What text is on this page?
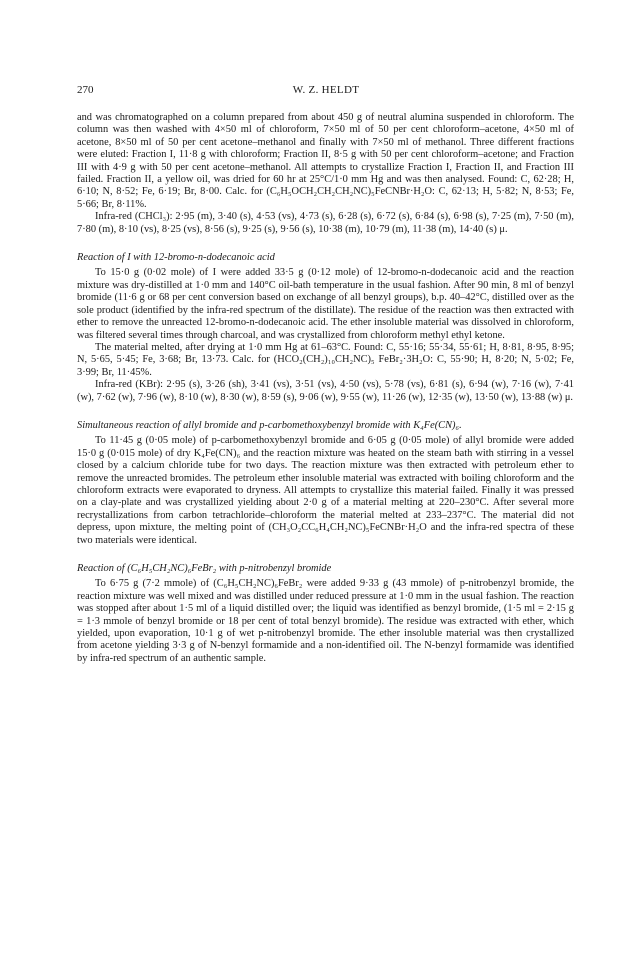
270	W. Z. HELDT

and was chromatographed on a column prepared from about 450 g of neutral alumina suspended in chloroform. The column was then washed with 4×50 ml of chloroform, 7×50 ml of 50 per cent chloroform–acetone, 4×50 ml of acetone, 8×50 ml of 50 per cent acetone–methanol and finally with 7×50 ml of methanol. Three different fractions were eluted: Fraction I, 11·8 g with chloroform; Fraction II, 8·5 g with 50 per cent chloroform–acetone; and Fraction III with 4·9 g with 50 per cent acetone–methanol. All attempts to crystallize Fraction I, Fraction II, and Fraction III failed. Fraction II, a yellow oil, was dried for 60 hr at 25°C/1·0 mm Hg and was then analysed. Found: C, 62·28; H, 6·10; N, 8·52; Fe, 6·19; Br, 8·00. Calc. for (C₆H₅OCH₂CH₂CH₂NC)₅FeCNBr·H₂O: C, 62·13; H, 5·82; N, 8·53; Fe, 5·66; Br, 8·11%.

Infra-red (CHCl₃): 2·95 (m), 3·40 (s), 4·53 (vs), 4·73 (s), 6·28 (s), 6·72 (s), 6·84 (s), 6·98 (s), 7·25 (m), 7·50 (m), 7·80 (m), 8·10 (vs), 8·25 (vs), 8·56 (s), 9·25 (s), 9·56 (s), 10·38 (m), 10·79 (m), 11·38 (m), 14·40 (s) μ.

Reaction of I with 12-bromo-n-dodecanoic acid

To 15·0 g (0·02 mole) of I were added 33·5 g (0·12 mole) of 12-bromo-n-dodecanoic acid and the reaction mixture was dry-distilled at 1·0 mm and 140°C oil-bath temperature in the usual fashion. After 90 min, 8 ml of benzyl bromide (11·6 g or 68 per cent conversion based on exchange of all benzyl groups), b.p. 40–42°C, distilled over as the sole product (identified by the infra-red spectrum of the distillate). The residue of the reaction was then extracted with ether to remove the unreacted 12-bromo-n-dodecanoic acid. The ether insoluble material was dissolved in chloroform, was filtered several times through charcoal, and was crystallized from chloroform methyl ethyl ketone.

The material melted, after drying at 1·0 mm Hg at 61–63°C. Found: C, 55·16; 55·34, 55·61; H, 8·81, 8·95, 8·95; N, 5·65, 5·45; Fe, 3·68; Br, 13·73. Calc. for (HCO₂(CH₂)₁₀CH₂NC)₅ FeBr₂·3H₂O: C, 55·90; H, 8·20; N, 5·02; Fe, 3·99; Br, 11·45%.

Infra-red (KBr): 2·95 (s), 3·26 (sh), 3·41 (vs), 3·51 (vs), 4·50 (vs), 5·78 (vs), 6·81 (s), 6·94 (w), 7·16 (w), 7·41 (w), 7·62 (w), 7·96 (w), 8·10 (w), 8·30 (w), 8·59 (s), 9·06 (w), 9·55 (w), 11·26 (w), 12·35 (w), 13·50 (w), 13·88 (w) μ.

Simultaneous reaction of allyl bromide and p-carbomethoxybenzyl bromide with K₄Fe(CN)₆.

To 11·45 g (0·05 mole) of p-carbomethoxybenzyl bromide and 6·05 g (0·05 mole) of allyl bromide were added 15·0 g (0·015 mole) of dry K₄Fe(CN)₆ and the reaction mixture was heated on the steam bath with stirring in a vessel closed by a calcium chloride tube for two days. The reaction mixture was then extracted with petroleum ether to remove the unreacted bromides. The petroleum ether insoluble material was extracted with boiling chloroform and the chloroform extracts were evaporated to dryness. All attempts to crystallize this material failed. Finally it was pressed on a clay-plate and was crystallized yielding about 2·0 g of a material melting at 220–230°C. After several more recrystallizations from carbon tetrachloride–chloroform the material melted at 233–237°C. The material did not depress, upon mixture, the melting point of (CH₃O₂CC₆H₄CH₂NC)₅FeCNBr·H₂O and the infra-red spectra of these two materials were identical.

Reaction of (C₆H₅CH₂NC)₆FeBr₂ with p-nitrobenzyl bromide

To 6·75 g (7·2 mmole) of (C₆H₅CH₂NC)₆FeBr₂ were added 9·33 g (43 mmole) of p-nitrobenzyl bromide, the reaction mixture was well mixed and was distilled under reduced pressure at 1·0 mm in the usual fashion. The reaction was stopped after about 1·5 ml of a liquid distilled over; the liquid was identified as benzyl bromide, (1·5 ml = 2·15 g = 1·3 mmole of benzyl bromide or 18 per cent of total benzyl bromide). The residue was extracted with ether, which yielded, upon evaporation, 10·1 g of wet p-nitrobenzyl bromide. The ether insoluble material was then crystallized from acetone yielding 3·3 g of N-benzyl formamide and a non-identified oil. The N-benzyl formamide was identified by infra-red spectrum of an authentic sample.
